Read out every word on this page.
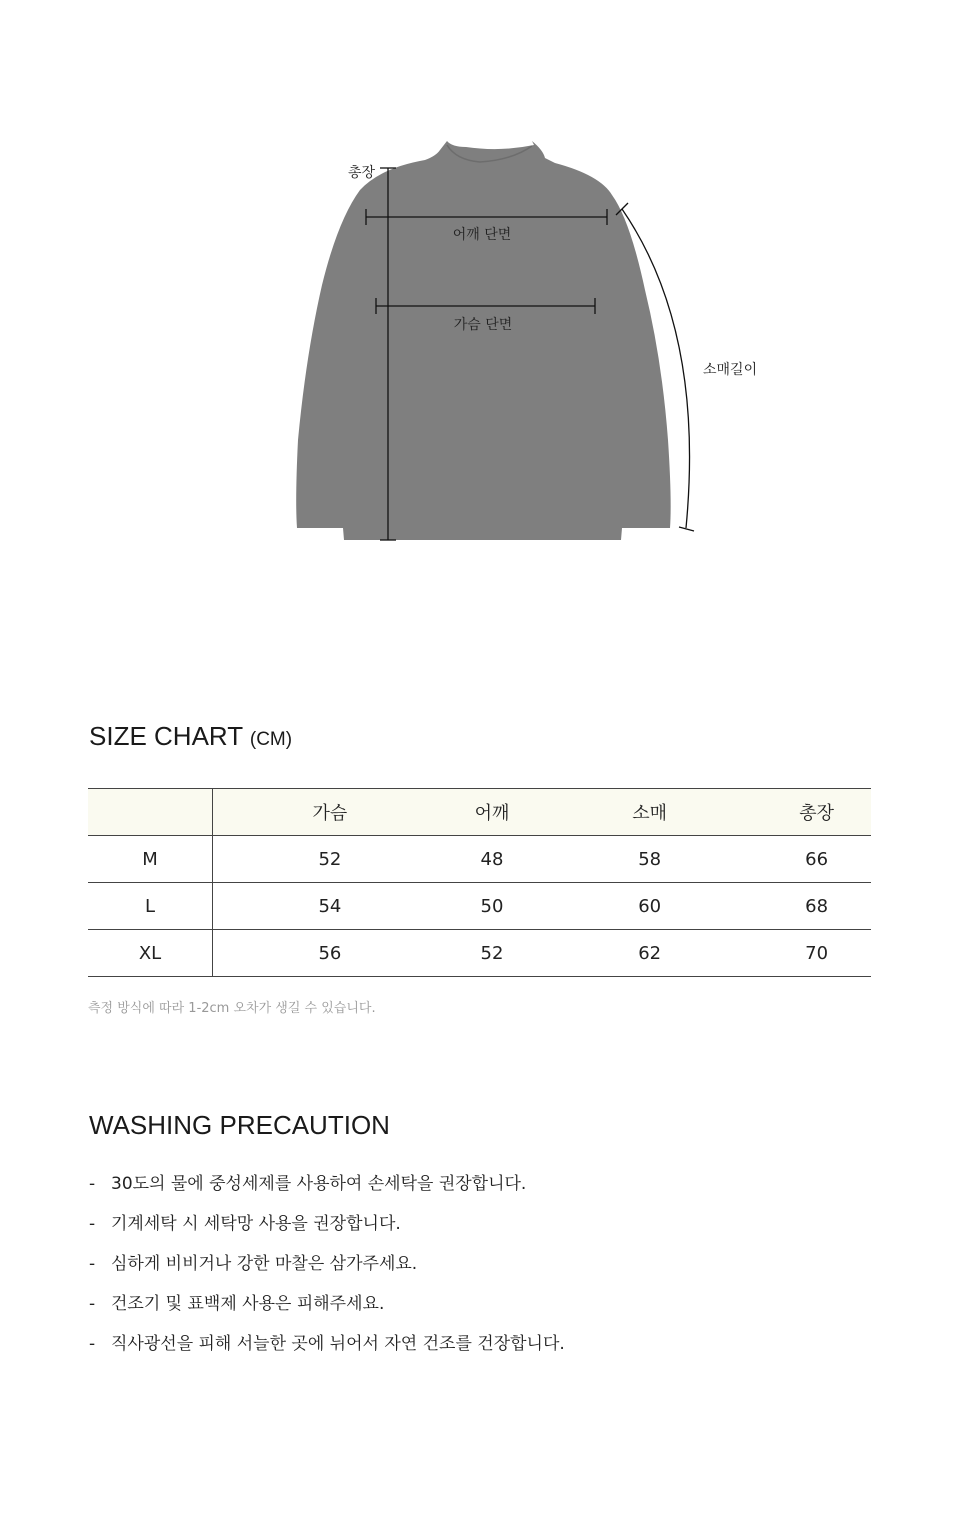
총장
어깨 단면
가슴 단면
소매길이
SIZE CHART (CM)
	가슴	어깨	소매	총장
M	52	48	58	66
L	54	50	60	68
XL	56	52	62	70
측정 방식에 따라 1-2cm 오차가 생길 수 있습니다.
WASHING PRECAUTION
- 30도의 물에 중성세제를 사용하여 손세탁을 권장합니다.
- 기계세탁 시 세탁망 사용을 권장합니다.
- 심하게 비비거나 강한 마찰은 삼가주세요.
- 건조기 및 표백제 사용은 피해주세요.
- 직사광선을 피해 서늘한 곳에 뉘어서 자연 건조를 건장합니다.
